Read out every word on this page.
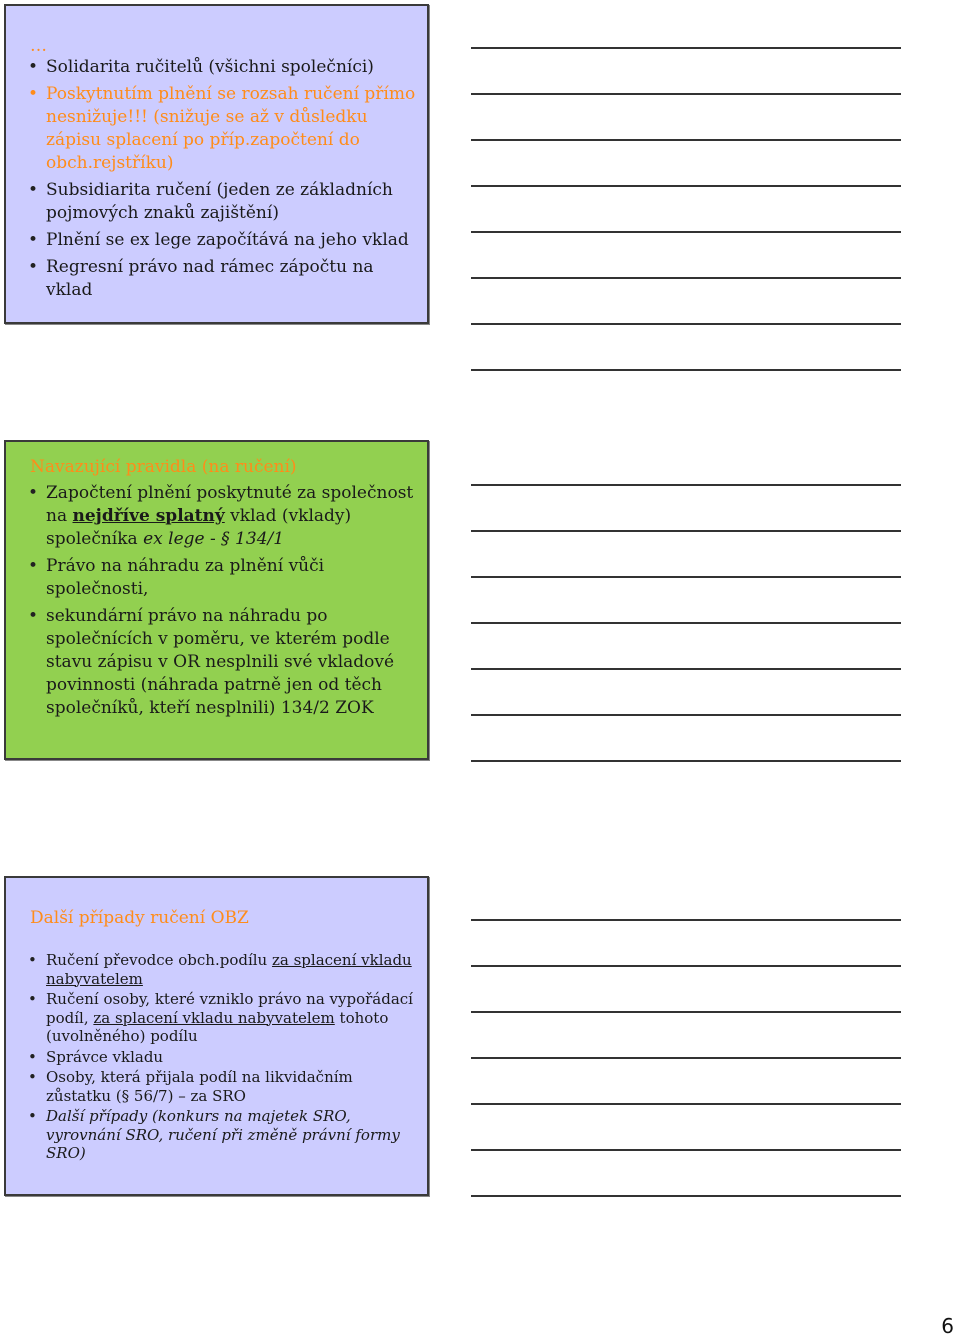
…
• Solidarita ručitelů (všichni společníci)
• Poskytnutím plnění se rozsah ručení přímo nesnižuje!!! (snižuje se až v důsledku zápisu splacení po příp.započtení do obch.rejstříku)
• Subsidiarita ručení (jeden ze základních pojmových znaků zajištění)
• Plnění se ex lege započítává na jeho vklad
• Regresní právo nad rámec zápočtu na vklad
Navazující pravidla (na ručení)
• Započtení plnění poskytnuté za společnost na nejdříve splatný vklad (vklady) společníka ex lege - § 134/1
• Právo na náhradu za plnění vůči společnosti,
• sekundární právo na náhradu po společnících v poměru, ve kterém podle stavu zápisu v OR nesplnili své vkladové povinnosti (náhrada patrně jen od těch společníků, kteří nesplnili) 134/2 ZOK
Další případy ručení OBZ
• Ručení převodce obch.podílu za splacení vkladu nabyvatelem
• Ručení osoby, které vzniklo právo na vypořádací podíl, za splacení vkladu nabyvatelem tohoto (uvolněného) podílu
• Správce vkladu
• Osoby, která přijala podíl na likvidačním zůstatku (§ 56/7) – za SRO
• Další případy (konkurs na majetek SRO, vyrovnání SRO, ručení při změně právní formy SRO)
6
